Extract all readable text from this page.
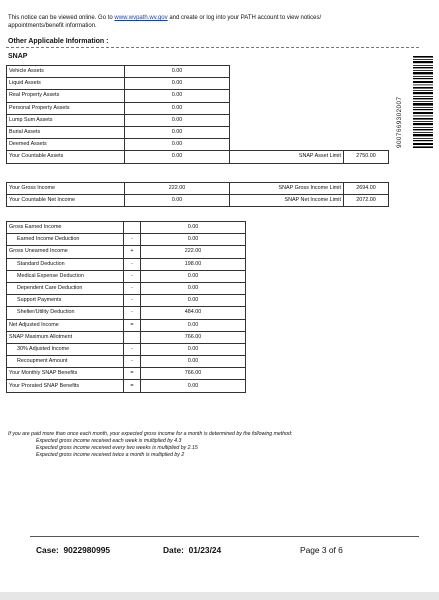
This notice can be viewed online. Go to www.wvpath.wv.gov and create or log into your PATH account to view notices/ appointments/benefit information.
Other Applicable Information :
SNAP
Vehicle Assets	0.00		
Liquid Assets	0.00		
Real Property Assets	0.00		
Personal Property Assets	0.00		
Lump Sum Assets	0.00		
Burial Assets	0.00		
Deemed Assets	0.00		
Your Countable Assets	0.00	SNAP Asset Limit	2750.00
Your Gross Income	222.00	SNAP Gross Income Limit	2694.00
Your Countable Net Income	0.00	SNAP Net Income Limit	2072.00
Gross Earned Income		0.00
Earned Income Deduction	-	0.00
Gross Unearned Income	+	222.00
Standard Deduction	-	198.00
Medical Expense Deduction	-	0.00
Dependent Care Deduction	-	0.00
Support Payments	-	0.00
Shelter/Utility Deduction	-	484.00
Net Adjusted Income	=	0.00
SNAP Maximum Allotment		766.00
30% Adjusted Income	-	0.00
Recoupment Amount	-	0.00
Your Monthly SNAP Benefits	=	766.00
Your Prorated SNAP Benefits	=	0.00
If you are paid more than once each month, your expected gross income for a month is determined by the following method:
Expected gross income received each week is multiplied by 4.3
Expected gross income received every two weeks is multiplied by 2.15
Expected gross income received twice a month is multiplied by 2
9007669302007
Case: 9022980995	Date: 01/23/24	Page 3 of 6
